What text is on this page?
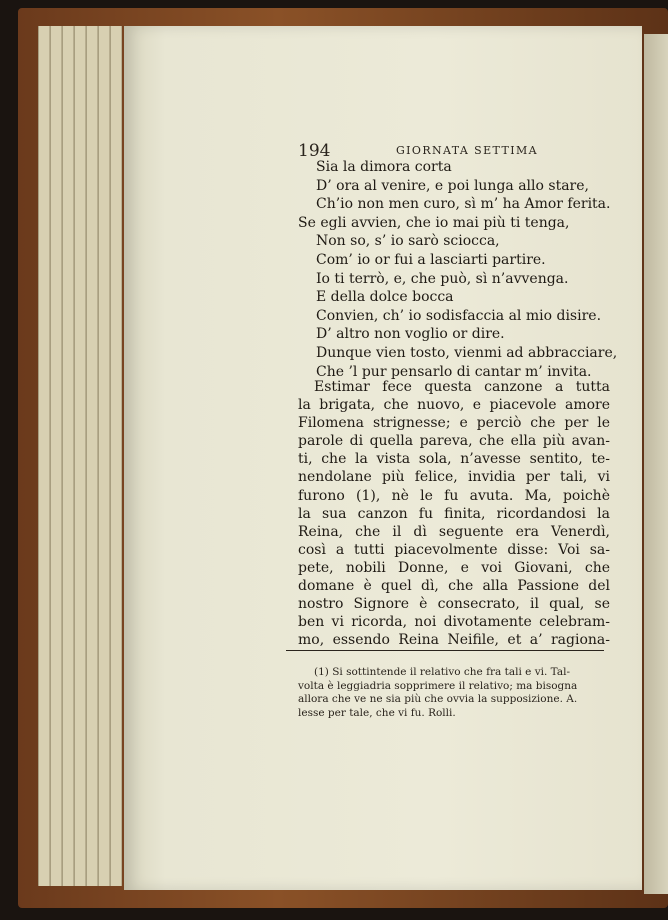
194	GIORNATA SETTIMA
Sia la dimora corta
D’ ora al venire, e poi lunga allo stare,
Ch’io non men curo, sì m’ ha Amor ferita.
Se egli avvien, che io mai più ti tenga,
Non so, s’ io sarò sciocca,
Com’ io or fui a lasciarti partire.
Io ti terrò, e, che può, sì n’avvenga.
E della dolce bocca
Convien, ch’ io sodisfaccia al mio disire.
D’ altro non voglio or dire.
Dunque vien tosto, vienmi ad abbracciare,
Che ’l pur pensarlo di cantar m’ invita.
Estimar fece questa canzone a tutta
la brigata, che nuovo, e piacevole amore
Filomena strignesse; e perciò che per le
parole di quella pareva, che ella più avan-
ti, che la vista sola, n’avesse sentito, te-
nendolane più felice, invidia per tali, vi
furono (1), nè le fu avuta. Ma, poichè
la sua canzon fu finita, ricordandosi la
Reina, che il dì seguente era Venerdì,
così a tutti piacevolmente disse: Voi sa-
pete, nobili Donne, e voi Giovani, che
domane è quel dì, che alla Passione del
nostro Signore è consecrato, il qual, se
ben vi ricorda, noi divotamente celebram-
mo, essendo Reina Neifile, et a’ ragiona-
(1) Si sottintende il relativo che fra tali e vi. Tal-
volta è leggiadria sopprimere il relativo; ma bisogna
allora che ve ne sia più che ovvia la supposizione. A.
lesse per tale, che vi fu. Rolli.
